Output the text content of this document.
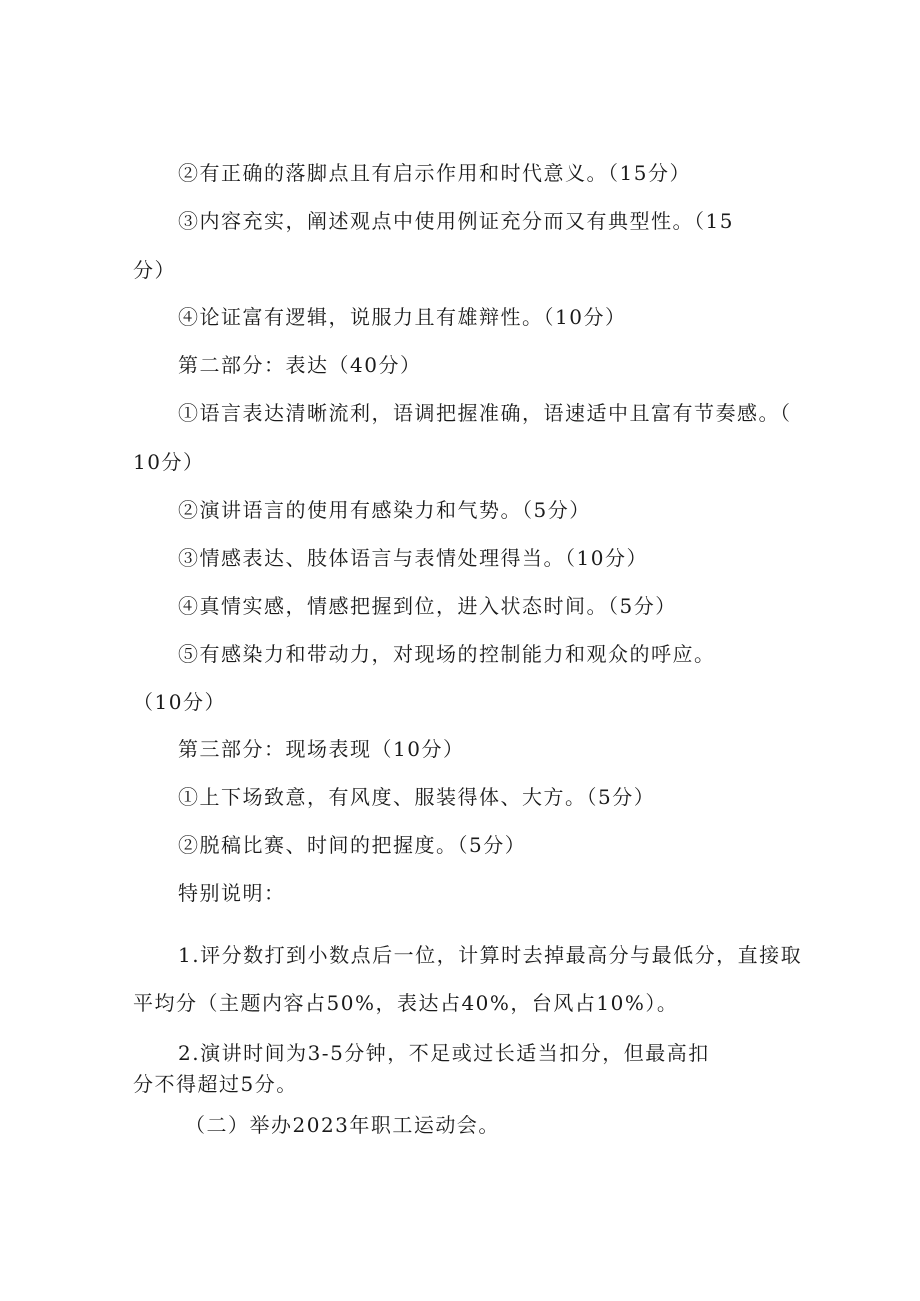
②有正确的落脚点且有启示作用和时代意义。（15分）
③内容充实，阐述观点中使用例证充分而又有典型性。（15
分）
④论证富有逻辑，说服力且有雄辩性。（10分）
第二部分：表达（40分）
①语言表达清晰流利，语调把握准确，语速适中且富有节奏感。（
10分）
②演讲语言的使用有感染力和气势。（5分）
③情感表达、肢体语言与表情处理得当。（10分）
④真情实感，情感把握到位，进入状态时间。（5分）
⑤有感染力和带动力，对现场的控制能力和观众的呼应。
（10分）
第三部分：现场表现（10分）
①上下场致意，有风度、服装得体、大方。（5分）
②脱稿比赛、时间的把握度。（5分）
特别说明：
1.评分数打到小数点后一位，计算时去掉最高分与最低分，直接取
平均分（主题内容占50%，表达占40%，台风占10%）。
2.演讲时间为3-5分钟，不足或过长适当扣分，但最高扣
分不得超过5分。
（二）举办2023年职工运动会。
